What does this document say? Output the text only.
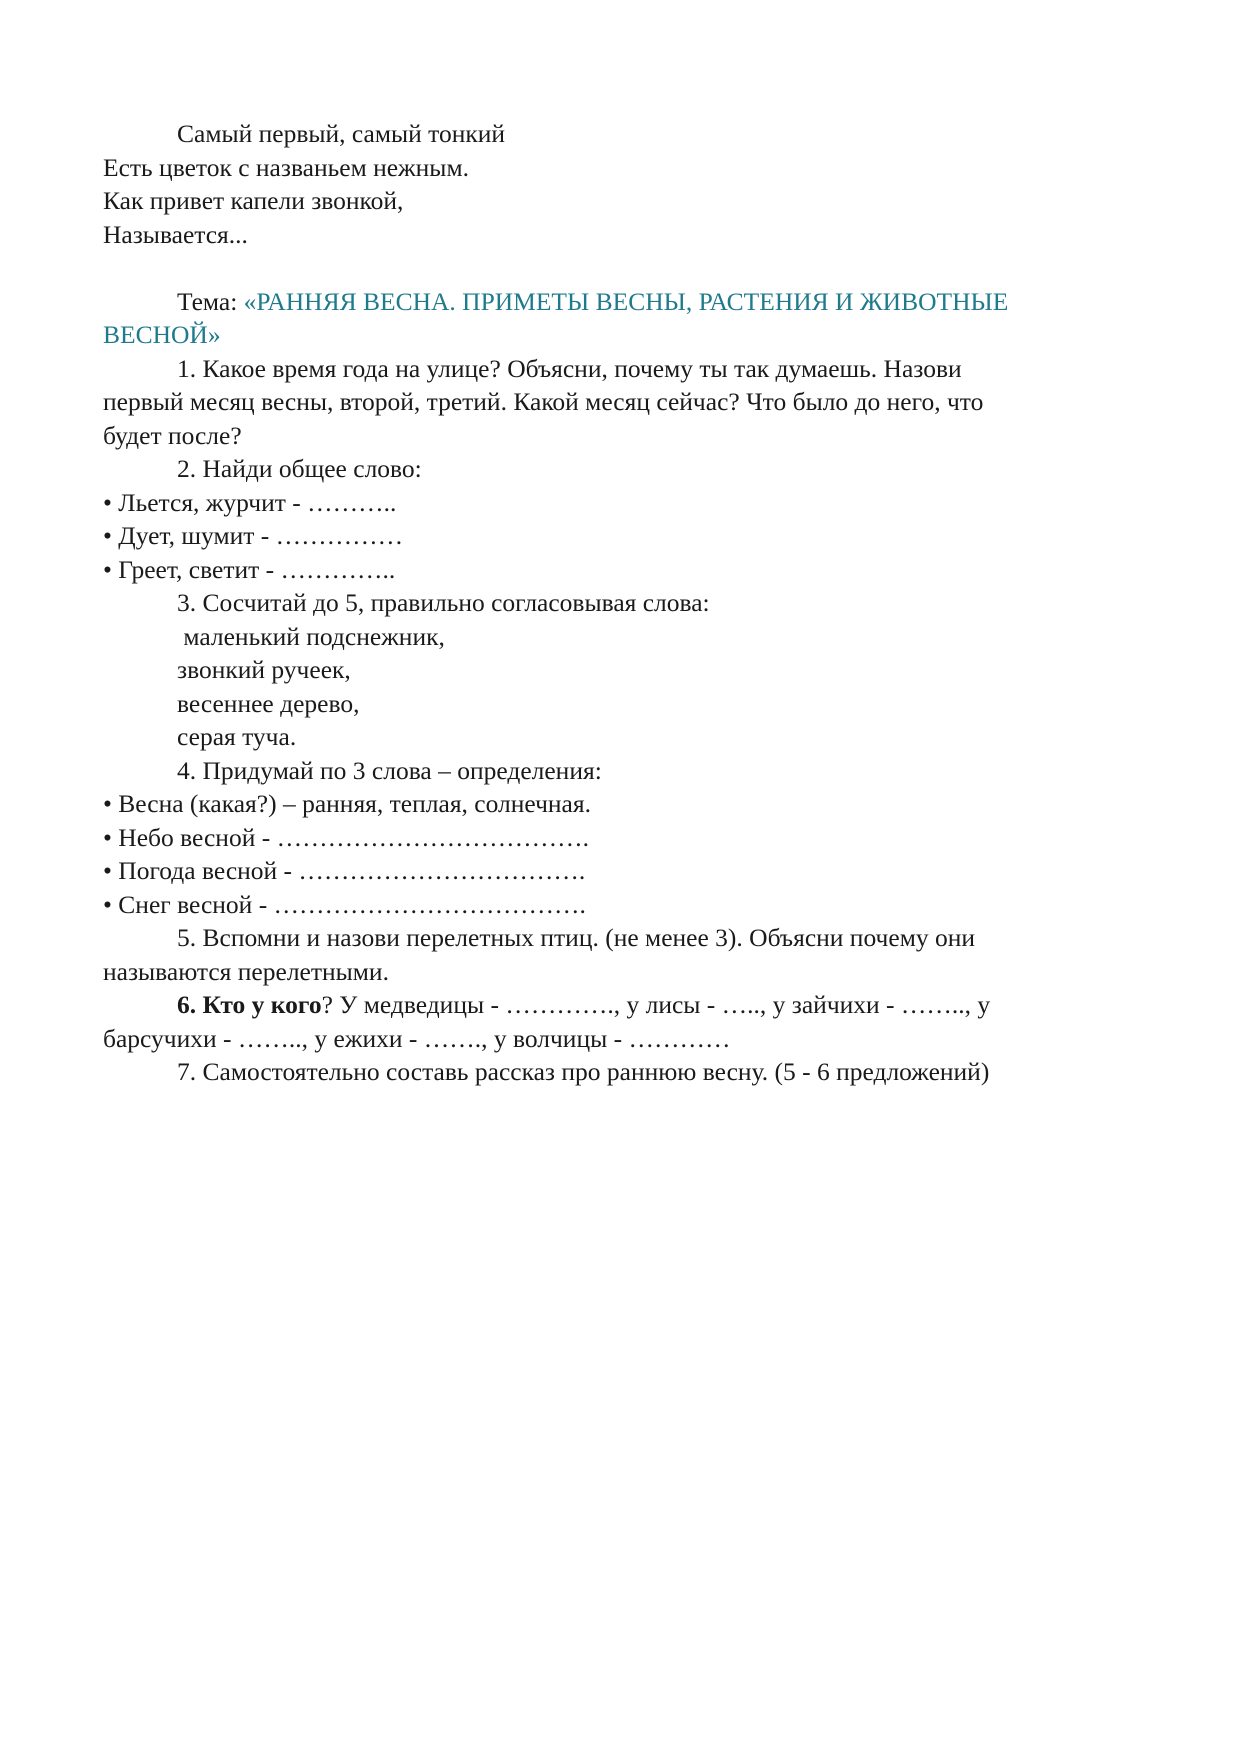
Самый первый, самый тонкий
Есть цветок с названьем нежным.
Как привет капели звонкой,
Называется...
Тема: «РАННЯЯ ВЕСНА. ПРИМЕТЫ ВЕСНЫ, РАСТЕНИЯ И ЖИВОТНЫЕ
ВЕСНОЙ»
1. Какое время года на улице? Объясни, почему ты так думаешь. Назови
первый месяц весны, второй, третий. Какой месяц сейчас? Что было до него, что
будет после?
2. Найди общее слово:
• Льется, журчит - ………..
• Дует, шумит - ……………
• Греет, светит - …………..
3. Сосчитай до 5, правильно согласовывая слова:
маленький подснежник,
звонкий ручеек,
весеннее дерево,
серая туча.
4. Придумай по 3 слова – определения:
• Весна (какая?) – ранняя, теплая, солнечная.
• Небо весной - ……………………………….
• Погода весной - …………………………….
• Снег весной - ……………………………….
5. Вспомни и назови перелетных птиц. (не менее 3). Объясни почему они
называются перелетными.
6. Кто у кого? У медведицы - …………., у лисы - ….., у зайчихи - …….., у
барсучихи - …….., у ежихи - ……., у волчицы - …………
7. Самостоятельно составь рассказ про раннюю весну. (5 - 6 предложений)
